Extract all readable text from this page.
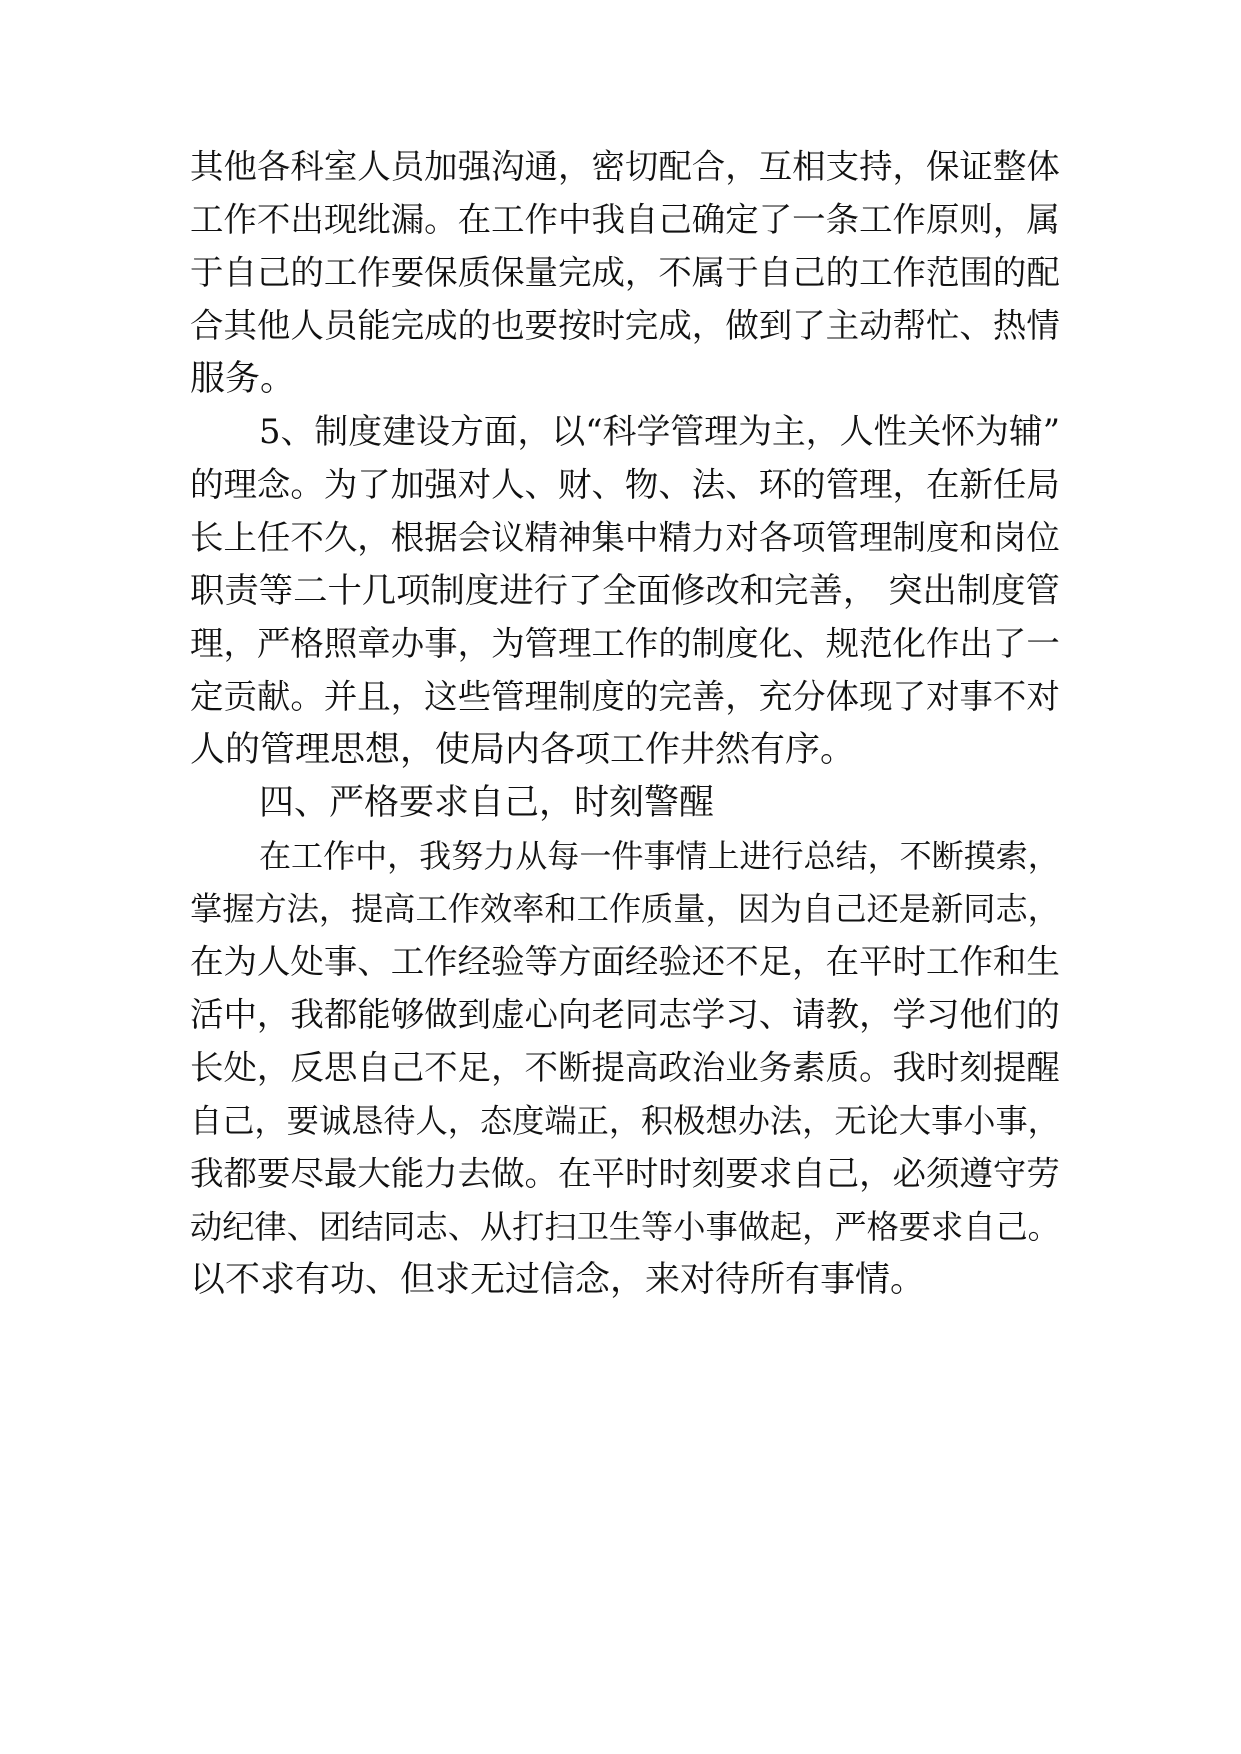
其他各科室人员加强沟通，密切配合，互相支持，保证整体
工作不出现纰漏。在工作中我自己确定了一条工作原则，属
于自己的工作要保质保量完成，不属于自己的工作范围的配
合其他人员能完成的也要按时完成，做到了主动帮忙、热情
服务。
5、制度建设方面，以“科学管理为主，人性关怀为辅”
的理念。为了加强对人、财、物、法、环的管理，在新任局
长上任不久，根据会议精神集中精力对各项管理制度和岗位
职责等二十几项制度进行了全面修改和完善， 突出制度管
理，严格照章办事，为管理工作的制度化、规范化作出了一
定贡献。并且，这些管理制度的完善，充分体现了对事不对
人的管理思想，使局内各项工作井然有序。
四、严格要求自己，时刻警醒
在工作中，我努力从每一件事情上进行总结，不断摸索，
掌握方法，提高工作效率和工作质量，因为自己还是新同志，
在为人处事、工作经验等方面经验还不足，在平时工作和生
活中，我都能够做到虚心向老同志学习、请教，学习他们的
长处，反思自己不足，不断提高政治业务素质。我时刻提醒
自己，要诚恳待人，态度端正，积极想办法，无论大事小事，
我都要尽最大能力去做。在平时时刻要求自己，必须遵守劳
动纪律、团结同志、从打扫卫生等小事做起，严格要求自己。
以不求有功、但求无过信念，来对待所有事情。
